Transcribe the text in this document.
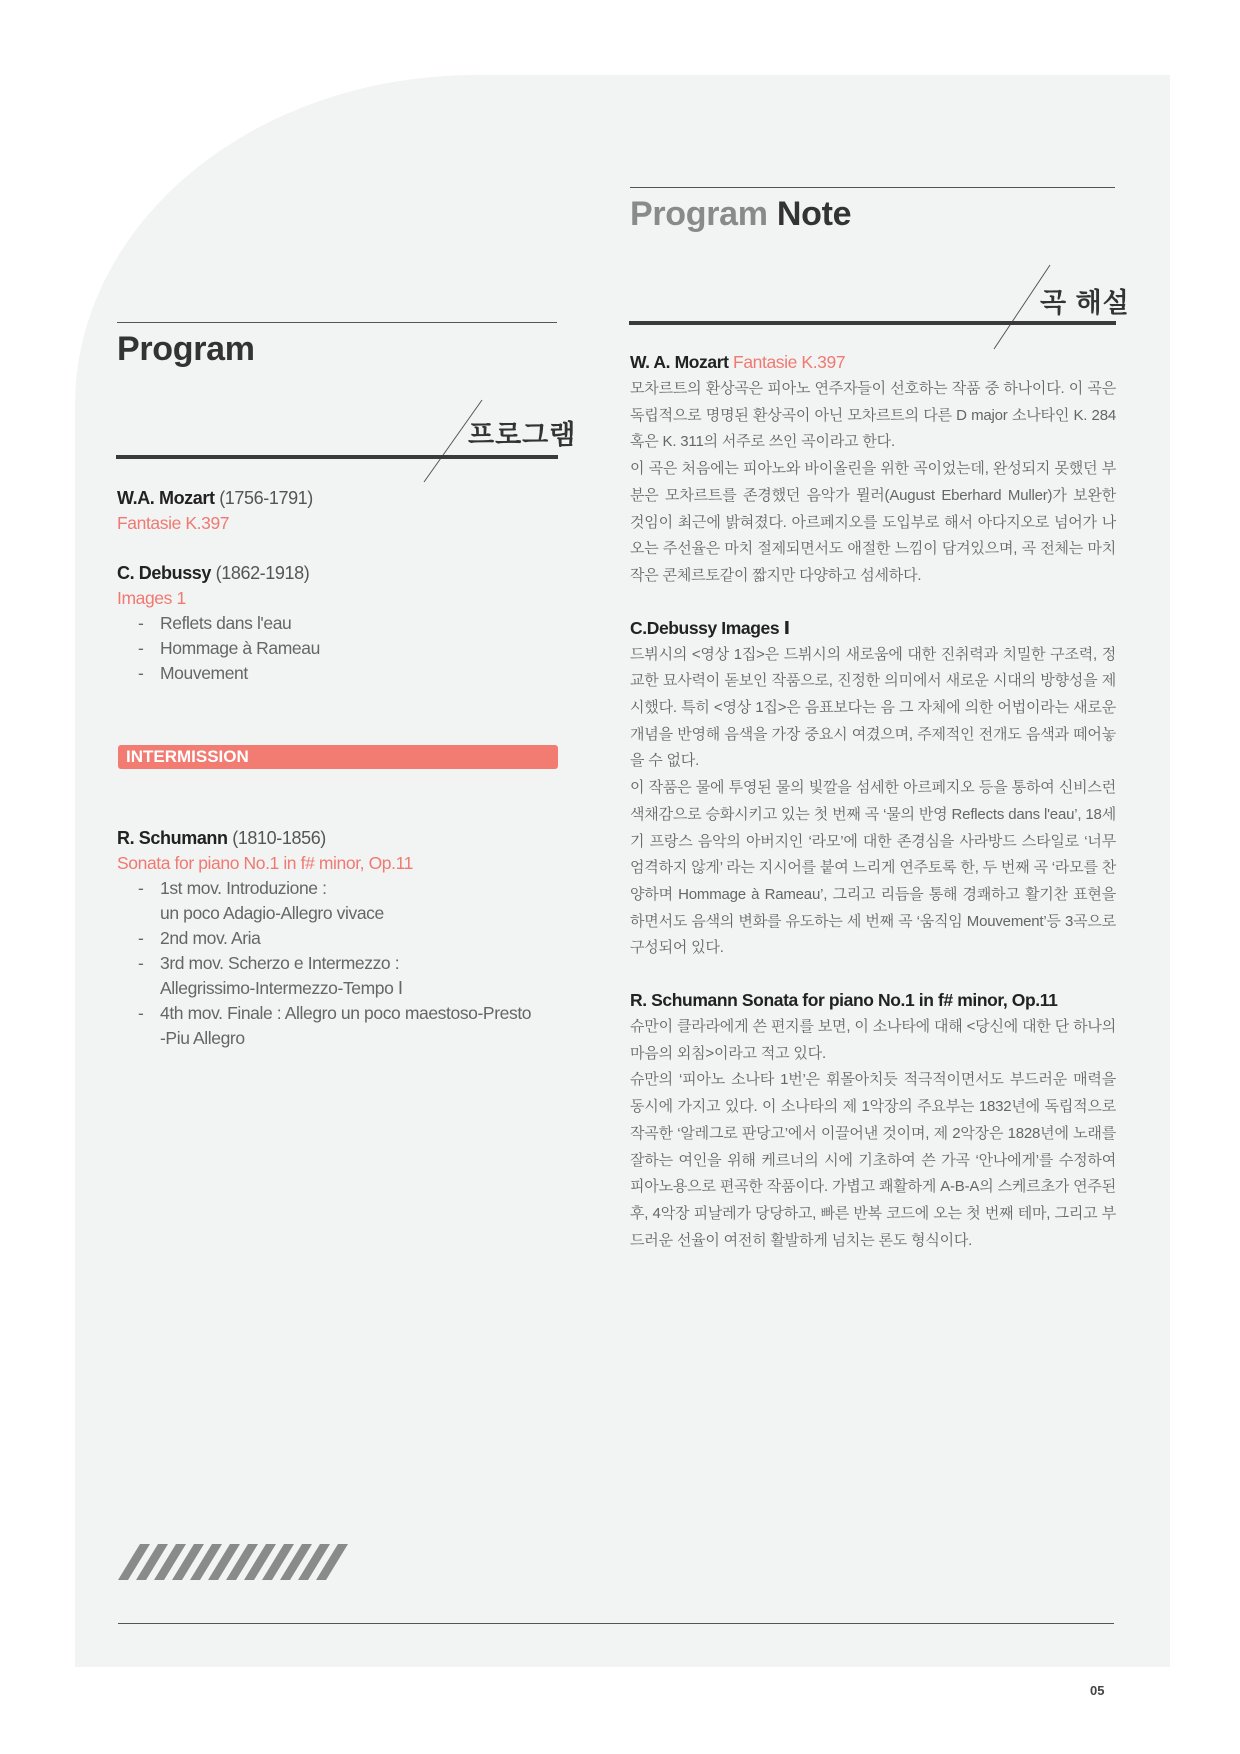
Program
프로그램
W.A. Mozart (1756-1791)
Fantasie K.397
C. Debussy (1862-1918)
Images 1
- Reflets dans l'eau
- Hommage à Rameau
- Mouvement
INTERMISSION
R. Schumann (1810-1856)
Sonata for piano No.1 in f# minor, Op.11
- 1st mov. Introduzione :
un poco Adagio-Allegro vivace
- 2nd mov. Aria
- 3rd mov. Scherzo e Intermezzo :
Allegrissimo-Intermezzo-Tempo Ⅰ
- 4th mov. Finale : Allegro un poco maestoso-Presto
-Piu Allegro
Program Note
곡 해설
W. A. Mozart Fantasie K.397

모차르트의 환상곡은 피아노 연주자들이 선호하는 작품 중 하나이다. 이 곡은 독립적으로 명명된 환상곡이 아닌 모차르트의 다른 D major 소나타인 K. 284 혹은 K. 311의 서주로 쓰인 곡이라고 한다.

이 곡은 처음에는 피아노와 바이올린을 위한 곡이었는데, 완성되지 못했던 부분은 모차르트를 존경했던 음악가 뮐러(August Eberhard Muller)가 보완한 것임이 최근에 밝혀졌다. 아르페지오를 도입부로 해서 아다지오로 넘어가 나오는 주선율은 마치 절제되면서도 애절한 느낌이 담겨있으며, 곡 전체는 마치 작은 콘체르토같이 짧지만 다양하고 섬세하다.

C.Debussy Images Ⅰ

드뷔시의 <영상 1집>은 드뷔시의 새로움에 대한 진취력과 치밀한 구조력, 정교한 묘사력이 돋보인 작품으로, 진정한 의미에서 새로운 시대의 방향성을 제시했다. 특히 <영상 1집>은 음표보다는 음 그 자체에 의한 어법이라는 새로운 개념을 반영해 음색을 가장 중요시 여겼으며, 주제적인 전개도 음색과 떼어놓을 수 없다.

이 작품은 물에 투영된 물의 빛깔을 섬세한 아르페지오 등을 통하여 신비스런 색채감으로 승화시키고 있는 첫 번째 곡 ‘물의 반영 Reflects dans l'eau’, 18세기 프랑스 음악의 아버지인 ‘라모’에 대한 존경심을 사라방드 스타일로 ‘너무 엄격하지 않게’ 라는 지시어를 붙여 느리게 연주토록 한, 두 번째 곡 ‘라모를 찬양하며 Hommage à Rameau’, 그리고 리듬을 통해 경쾌하고 활기찬 표현을 하면서도 음색의 변화를 유도하는 세 번째 곡 ‘움직임 Mouvement’등 3곡으로 구성되어 있다.

R. Schumann Sonata for piano No.1 in f# minor, Op.11

슈만이 클라라에게 쓴 편지를 보면, 이 소나타에 대해 <당신에 대한 단 하나의 마음의 외침>이라고 적고 있다.

슈만의 ‘피아노 소나타 1번’은 휘몰아치듯 적극적이면서도 부드러운 매력을 동시에 가지고 있다. 이 소나타의 제 1악장의 주요부는 1832년에 독립적으로 작곡한 ‘알레그로 판당고’에서 이끌어낸 것이며, 제 2악장은 1828년에 노래를 잘하는 여인을 위해 케르너의 시에 기초하여 쓴 가곡 ‘안나에게’를 수정하여 피아노용으로 편곡한 작품이다. 가볍고 쾌활하게 A-B-A의 스케르초가 연주된 후, 4악장 피날레가 당당하고, 빠른 반복 코드에 오는 첫 번째 테마, 그리고 부드러운 선율이 여전히 활발하게 넘치는 론도 형식이다.

05
